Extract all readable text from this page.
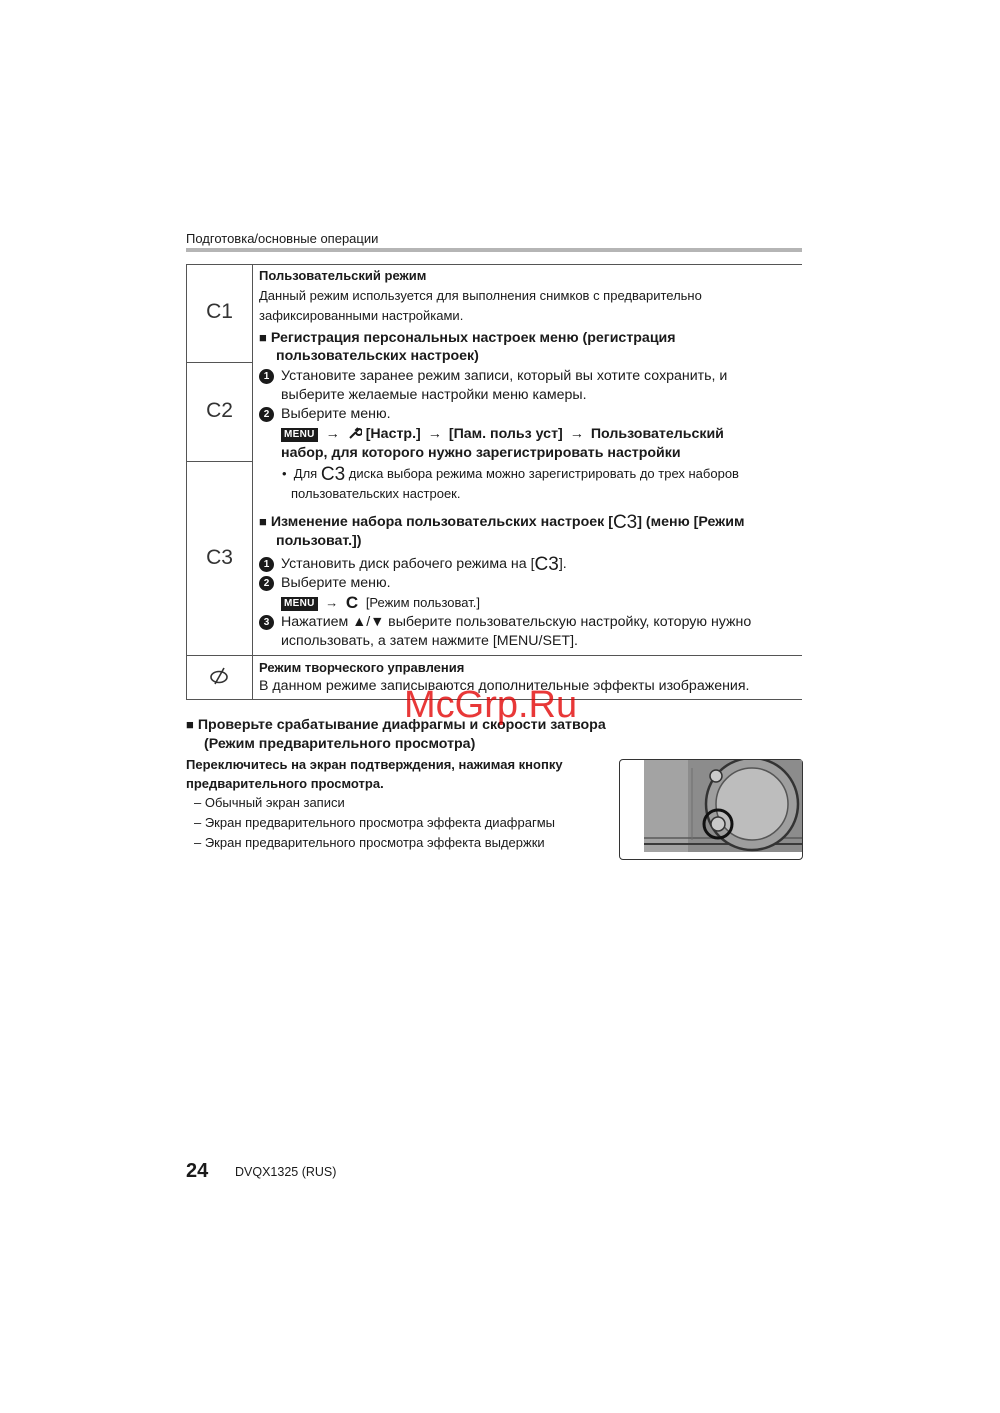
Подготовка/основные операции
C1
C2
C3
Пользовательский режим
Данный режим используется для выполнения снимков с предварительно
зафиксированными настройками.
■ Регистрация персональных настроек меню (регистрация
пользовательских настроек)
1 Установите заранее режим записи, который вы хотите сохранить, и
выберите желаемые настройки меню камеры.
2 Выберите меню.
MENU → [Настр.] → [Пам. польз уст] → Пользовательский
набор, для которого нужно зарегистрировать настройки
• Для C3 диска выбора режима можно зарегистрировать до трех наборов
пользовательских настроек.
■ Изменение набора пользовательских настроек [C3] (меню [Режим
пользоват.])
1 Установить диск рабочего режима на [C3].
2 Выберите меню.
MENU → C [Режим пользоват.]
3 Нажатием ▲/▼ выберите пользовательскую настройку, которую нужно
использовать, а затем нажмите [MENU/SET].
Режим творческого управления
В данном режиме записываются дополнительные эффекты изображения.
■ Проверьте срабатывание диафрагмы и скорости затвора
(Режим предварительного просмотра)
Переключитесь на экран подтверждения, нажимая кнопку
предварительного просмотра.
– Обычный экран записи
– Экран предварительного просмотра эффекта диафрагмы
– Экран предварительного просмотра эффекта выдержки
McGrp.Ru
24 DVQX1325 (RUS)
